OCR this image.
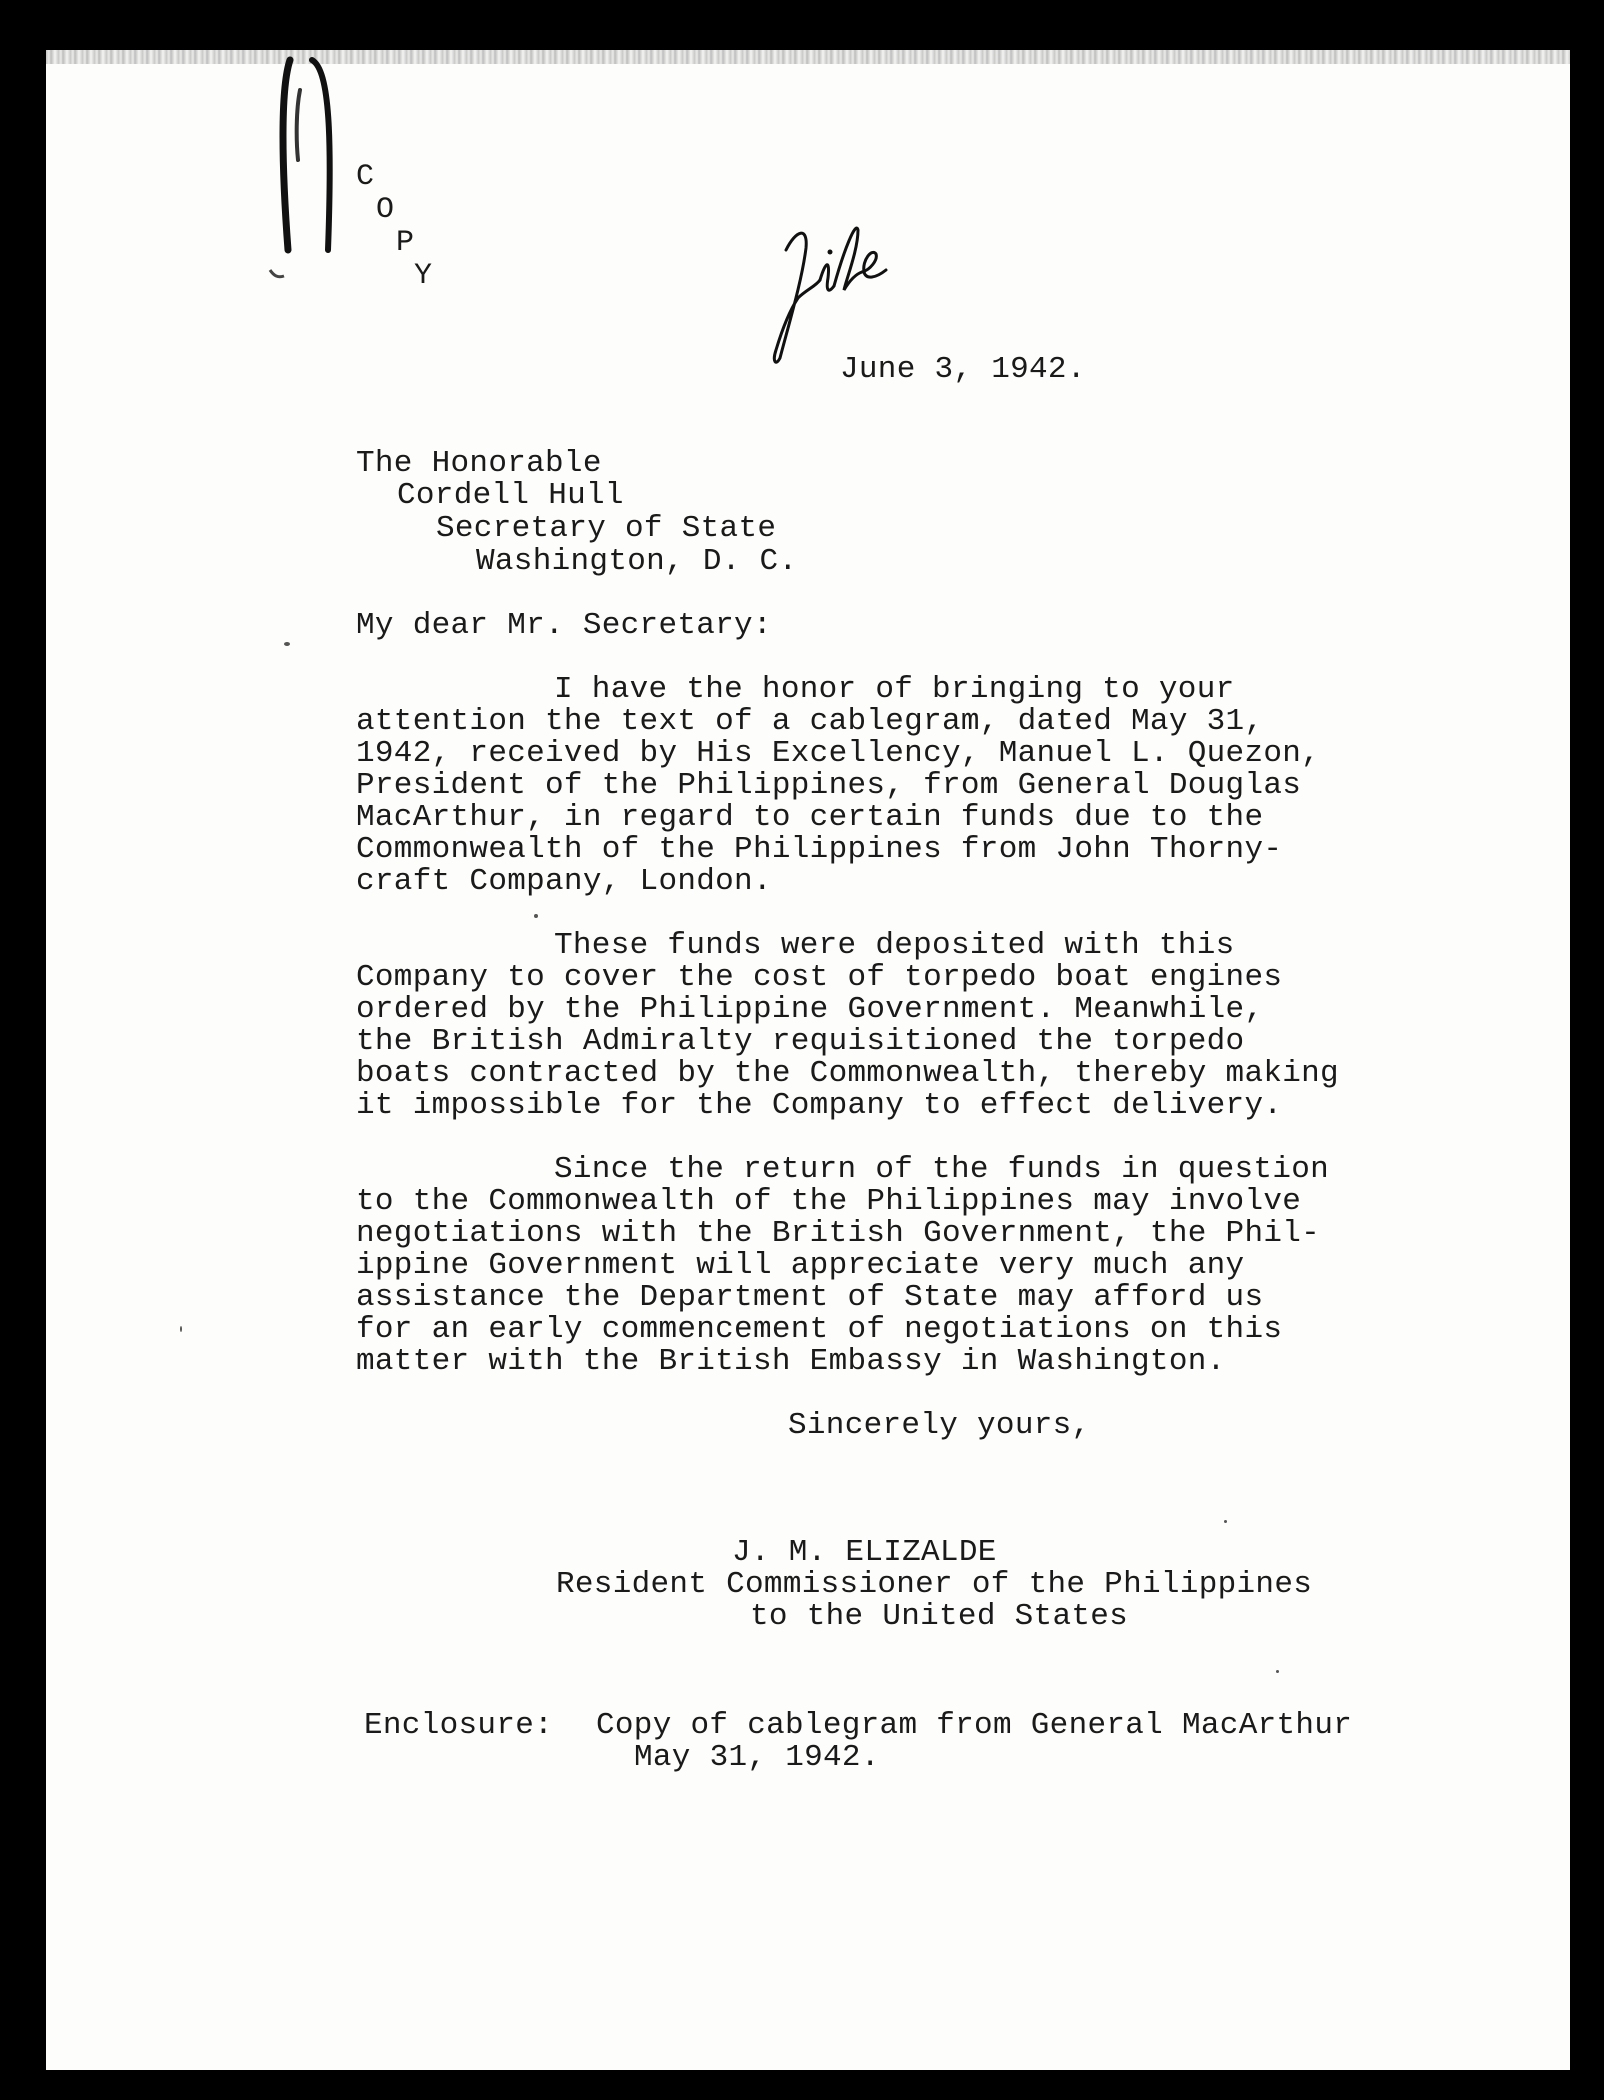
C
O
P
Y
June 3, 1942.
The Honorable
Cordell Hull
Secretary of State
Washington, D. C.
My dear Mr. Secretary:
I have the honor of bringing to your
attention the text of a cablegram, dated May 31,
1942, received by His Excellency, Manuel L. Quezon,
President of the Philippines, from General Douglas
MacArthur, in regard to certain funds due to the
Commonwealth of the Philippines from John Thorny-
craft Company, London.
These funds were deposited with this
Company to cover the cost of torpedo boat engines
ordered by the Philippine Government. Meanwhile,
the British Admiralty requisitioned the torpedo
boats contracted by the Commonwealth, thereby making
it impossible for the Company to effect delivery.
Since the return of the funds in question
to the Commonwealth of the Philippines may involve
negotiations with the British Government, the Phil-
ippine Government will appreciate very much any
assistance the Department of State may afford us
for an early commencement of negotiations on this
matter with the British Embassy in Washington.
Sincerely yours,
J. M. ELIZALDE
Resident Commissioner of the Philippines
to the United States
Enclosure: Copy of cablegram from General MacArthur
May 31, 1942.
